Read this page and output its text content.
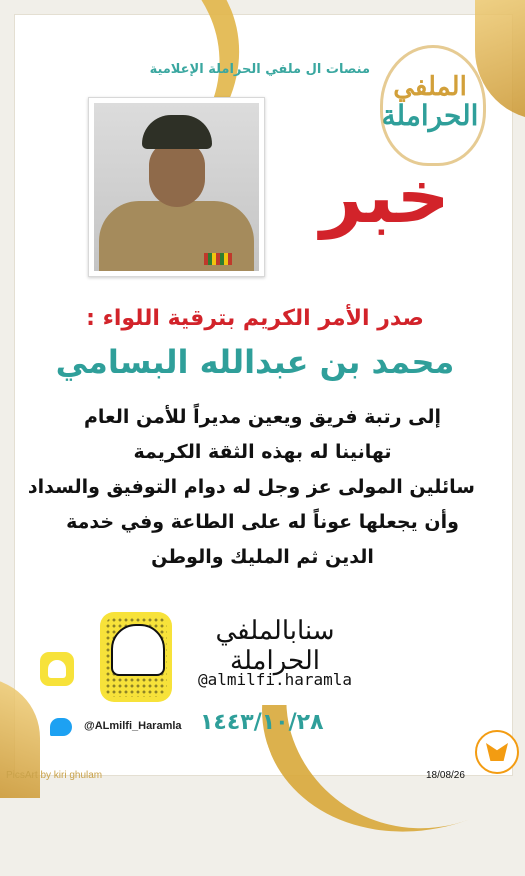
منصات ال ملفي الحراملة الإعلامية
الملفي
الحراملة
خبر
صدر الأمر الكريم بترقية اللواء :
محمد بن عبدالله البسامي
إلى رتبة فريق ويعين مديراً للأمن العام
تهانينا له بهذه الثقة الكريمة
سائلين المولى عز وجل له دوام التوفيق والسداد
وأن يجعلها عوناً له على الطاعة وفي خدمة
الدين ثم المليك والوطن
سنابالملفي الحراملة
@almilfi.haramla
@ALmilfi_Haramla ١٤٤٣/١٠/٢٨
PicsArt by kiri ghulam	18/08/26
